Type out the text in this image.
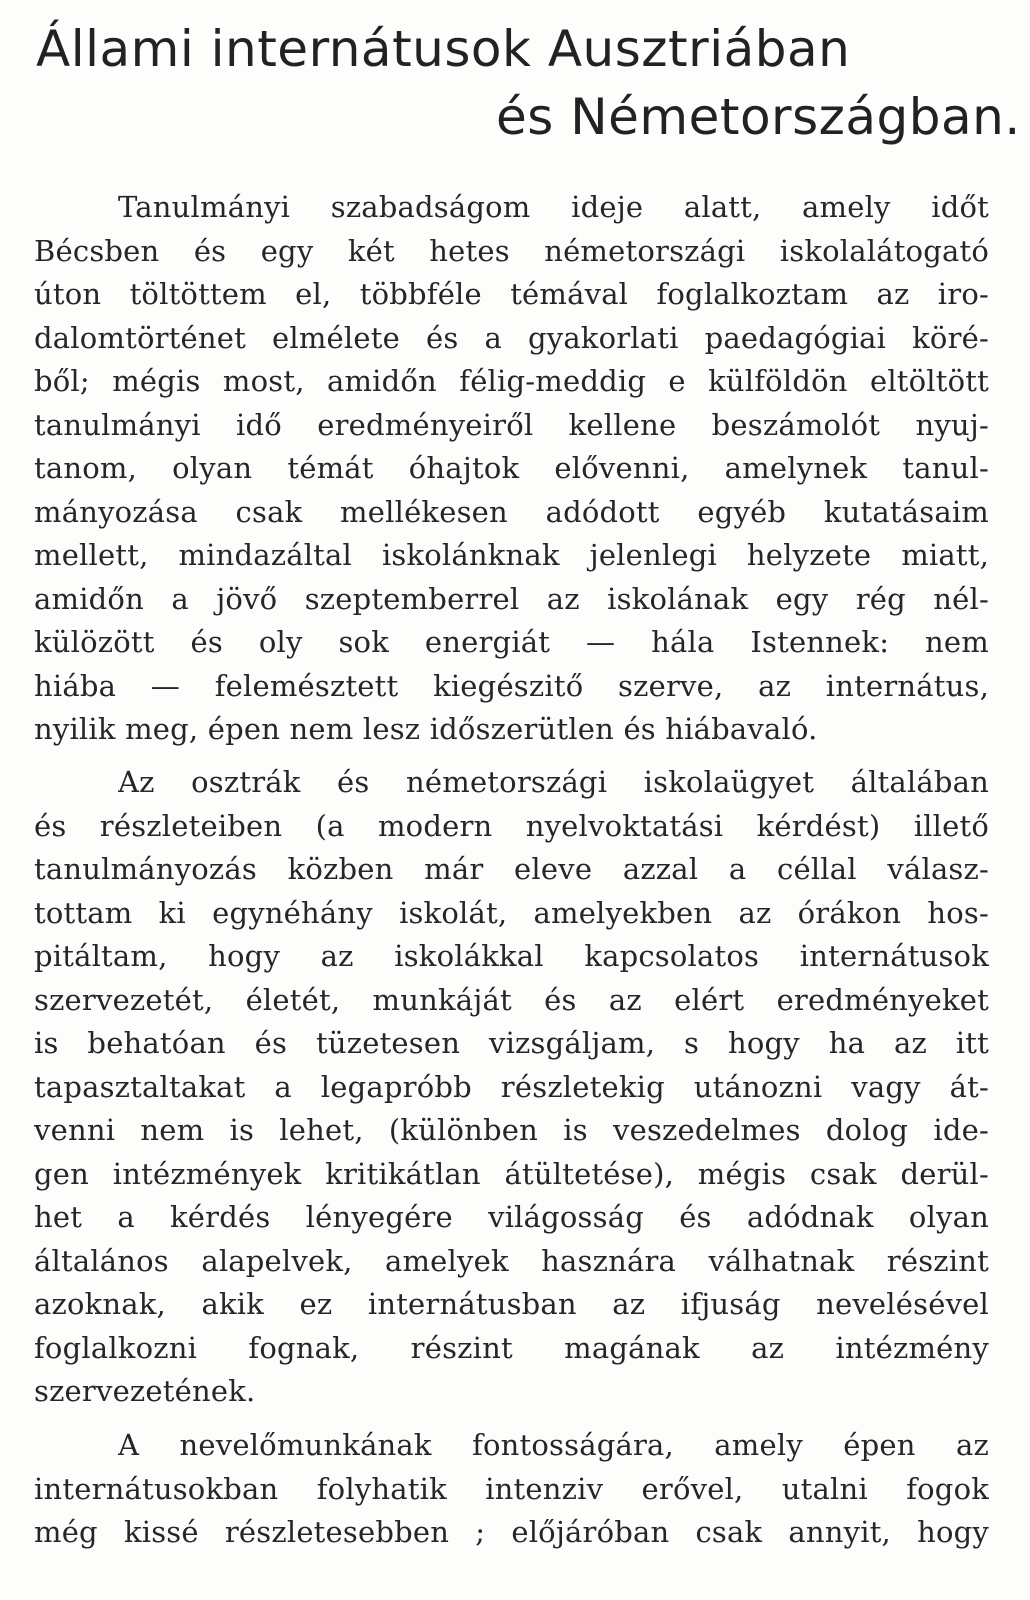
Állami internátusok Ausztriában
és Németországban.
Tanulmányi szabadságom ideje alatt, amely időt
Bécsben és egy két hetes németországi iskolalátogató
úton töltöttem el, többféle témával foglalkoztam az iro-
dalomtörténet elmélete és a gyakorlati paedagógiai köré-
ből; mégis most, amidőn félig-meddig e külföldön eltöltött
tanulmányi idő eredményeiről kellene beszámolót nyuj-
tanom, olyan témát óhajtok elővenni, amelynek tanul-
mányozása csak mellékesen adódott egyéb kutatásaim
mellett, mindazáltal iskolánknak jelenlegi helyzete miatt,
amidőn a jövő szeptemberrel az iskolának egy rég nél-
külözött és oly sok energiát — hála Istennek: nem
hiába — felemésztett kiegészitő szerve, az internátus,
nyilik meg, épen nem lesz időszerütlen és hiábavaló.
Az osztrák és németországi iskolaügyet általában
és részleteiben (a modern nyelvoktatási kérdést) illető
tanulmányozás közben már eleve azzal a céllal válasz-
tottam ki egynéhány iskolát, amelyekben az órákon hos-
pitáltam, hogy az iskolákkal kapcsolatos internátusok
szervezetét, életét, munkáját és az elért eredményeket
is behatóan és tüzetesen vizsgáljam, s hogy ha az itt
tapasztaltakat a legapróbb részletekig utánozni vagy át-
venni nem is lehet, (különben is veszedelmes dolog ide-
gen intézmények kritikátlan átültetése), mégis csak derül-
het a kérdés lényegére világosság és adódnak olyan
általános alapelvek, amelyek hasznára válhatnak részint
azoknak, akik ez internátusban az ifjuság nevelésével
foglalkozni fognak, részint magának az intézmény
szervezetének.
A nevelőmunkának fontosságára, amely épen az
internátusokban folyhatik intenziv erővel, utalni fogok
még kissé részletesebben ; előjáróban csak annyit, hogy
